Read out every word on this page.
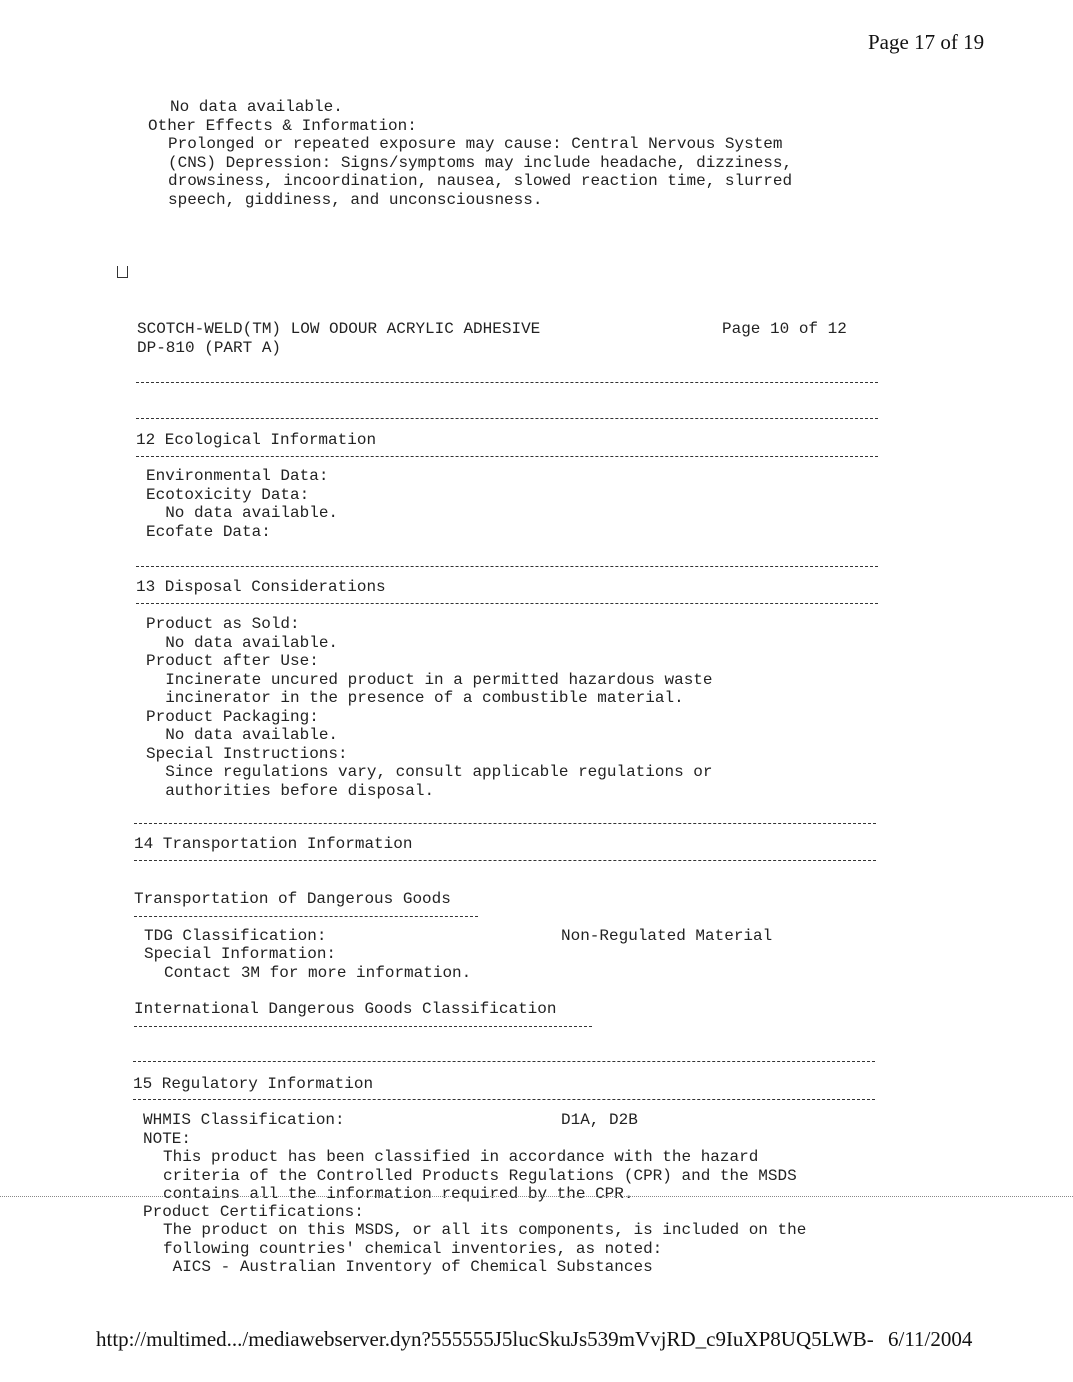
Page 17 of 19
No data available.
Other Effects & Information:
Prolonged or repeated exposure may cause: Central Nervous System
(CNS) Depression: Signs/symptoms may include headache, dizziness,
drowsiness, incoordination, nausea, slowed reaction time, slurred
speech, giddiness, and unconsciousness.
SCOTCH-WELD(TM) LOW ODOUR ACRYLIC ADHESIVE	Page 10 of 12
DP-810 (PART A)
12 Ecological Information
Environmental Data:
Ecotoxicity Data:
No data available.
Ecofate Data:
13 Disposal Considerations
Product as Sold:
No data available.
Product after Use:
Incinerate uncured product in a permitted hazardous waste
incinerator in the presence of a combustible material.
Product Packaging:
No data available.
Special Instructions:
Since regulations vary, consult applicable regulations or
authorities before disposal.
14 Transportation Information
Transportation of Dangerous Goods
TDG Classification:	Non-Regulated Material
Special Information:
Contact 3M for more information.
International Dangerous Goods Classification
15 Regulatory Information
WHMIS Classification:	D1A, D2B
NOTE:
This product has been classified in accordance with the hazard
criteria of the Controlled Products Regulations (CPR) and the MSDS
contains all the information required by the CPR.
Product Certifications:
The product on this MSDS, or all its components, is included on the
following countries' chemical inventories, as noted:
AICS - Australian Inventory of Chemical Substances
http://multimed.../mediawebserver.dyn?555555J5lucSkuJs539mVvjRD_c9IuXP8UQ5LWB- 6/11/2004
